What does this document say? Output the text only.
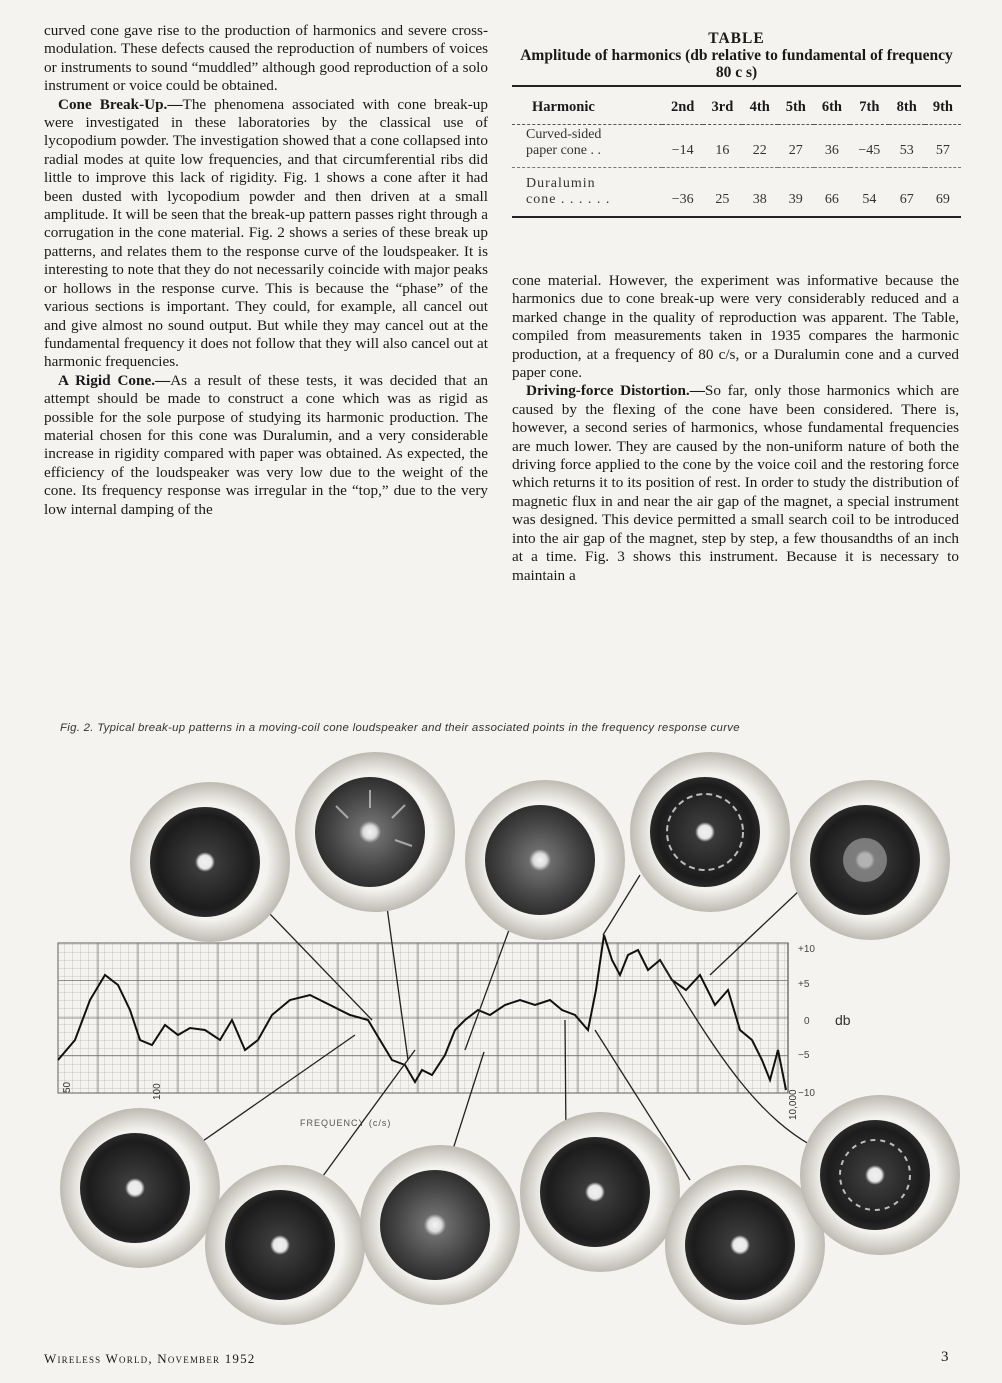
curved cone gave rise to the production of harmonics and severe cross-modulation. These defects caused the reproduction of numbers of voices or instruments to sound “muddled” although good reproduction of a solo instrument or voice could be obtained.

Cone Break-Up.—The phenomena associated with cone break-up were investigated in these laboratories by the classical use of lycopodium powder. The investigation showed that a cone collapsed into radial modes at quite low frequencies, and that circumferential ribs did little to improve this lack of rigidity. Fig. 1 shows a cone after it had been dusted with lycopodium powder and then driven at a small amplitude. It will be seen that the break-up pattern passes right through a corrugation in the cone material. Fig. 2 shows a series of these break up patterns, and relates them to the response curve of the loudspeaker. It is interesting to note that they do not necessarily coincide with major peaks or hollows in the response curve. This is because the “phase” of the various sections is important. They could, for example, all cancel out and give almost no sound output. But while they may cancel out at the fundamental frequency it does not follow that they will also cancel out at harmonic frequencies.

A Rigid Cone.—As a result of these tests, it was decided that an attempt should be made to construct a cone which was as rigid as possible for the sole purpose of studying its harmonic production. The material chosen for this cone was Duralumin, and a very considerable increase in rigidity compared with paper was obtained. As expected, the efficiency of the loudspeaker was very low due to the weight of the cone. Its frequency response was irregular in the “top,” due to the very low internal damping of the

TABLE
Amplitude of harmonics (db relative to fundamental of frequency 80 c s)
Harmonic	2nd	3rd	4th	5th	6th	7th	8th	9th
Curved-sided
paper cone . .	−14	16	22	27	36	−45	53	57
Duralumin
cone . . . . . .	−36	25	38	39	66	54	67	69

cone material. However, the experiment was informative because the harmonics due to cone break-up were very considerably reduced and a marked change in the quality of reproduction was apparent. The Table, compiled from measurements taken in 1935 compares the harmonic production, at a frequency of 80 c/s, or a Duralumin cone and a curved paper cone.

Driving-force Distortion.—So far, only those harmonics which are caused by the flexing of the cone have been considered. There is, however, a second series of harmonics, whose fundamental frequencies are much lower. They are caused by the non-uniform nature of both the driving force applied to the cone by the voice coil and the restoring force which returns it to its position of rest. In order to study the distribution of magnetic flux in and near the air gap of the magnet, a special instrument was designed. This device permitted a small search coil to be introduced into the air gap of the magnet, step by step, a few thousandths of an inch at a time. Fig. 3 shows this instrument. Because it is necessary to maintain a

Fig. 2. Typical break-up patterns in a moving-coil cone loudspeaker and their associated points in the frequency response curve
+10
+5
0
−5
−10
db
50	100	10,000
FREQUENCY (c/s)
Wireless World, November 1952	3
